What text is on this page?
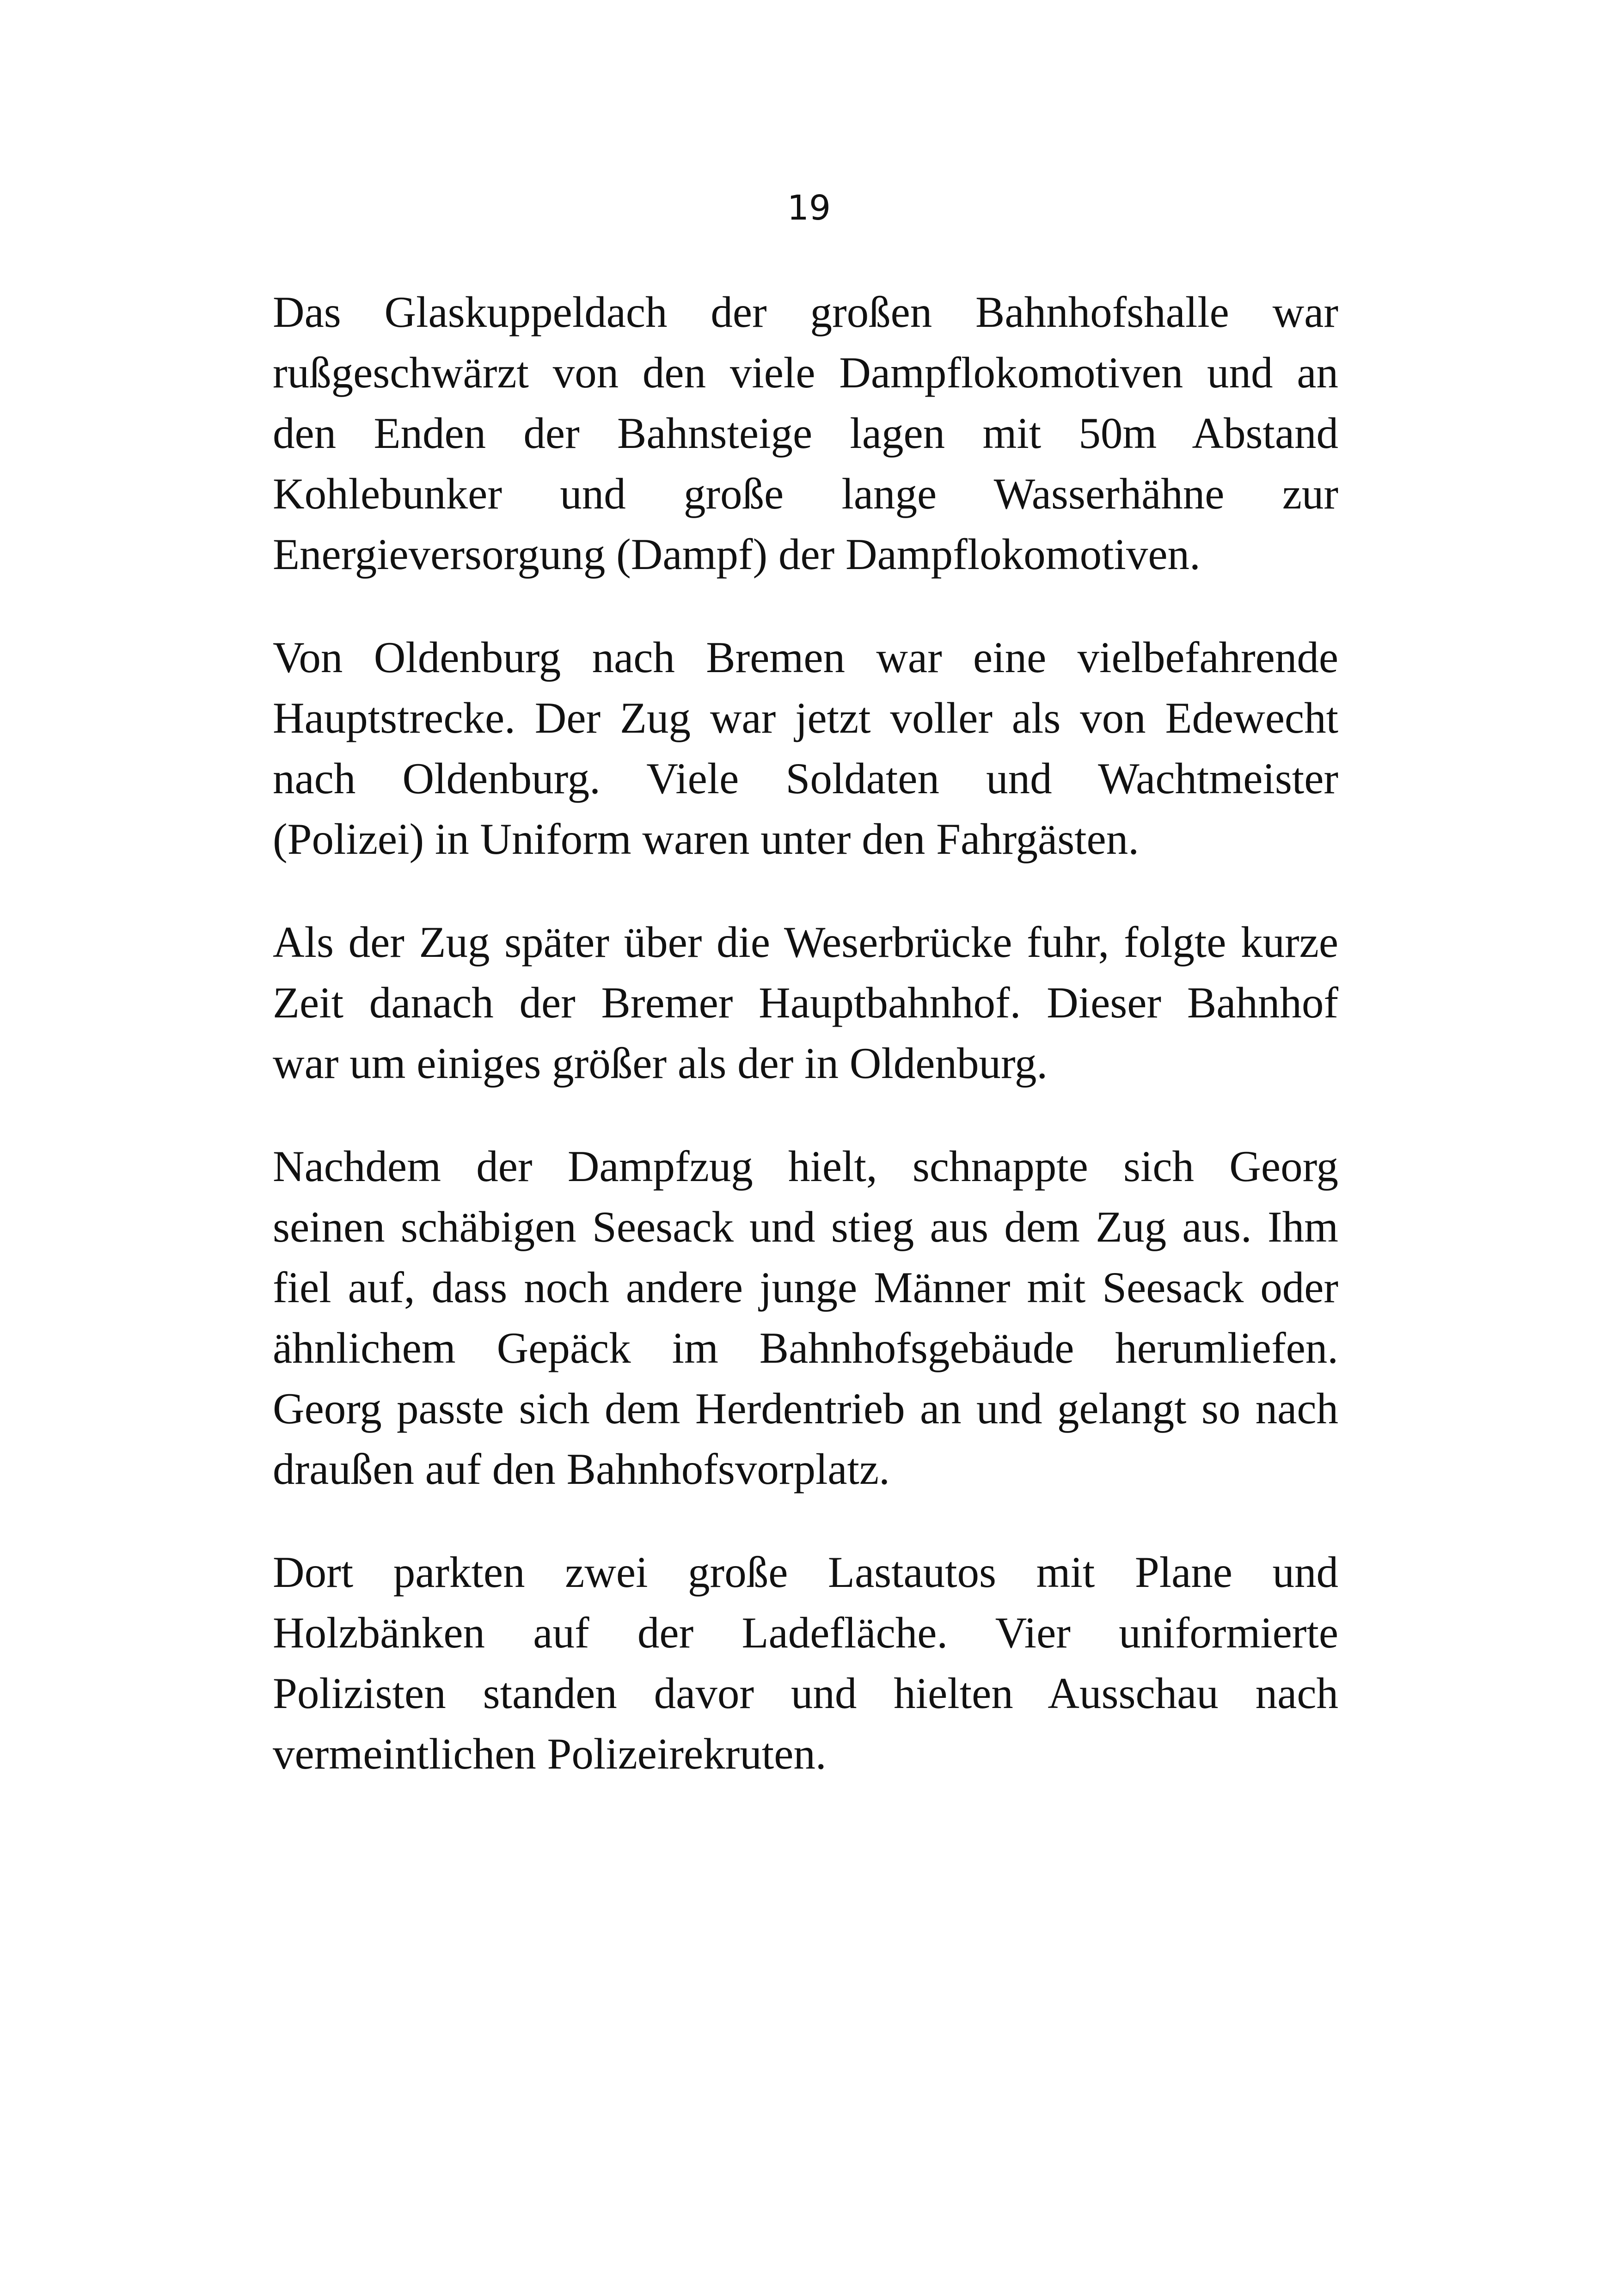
19

Das Glaskuppeldach der großen Bahnhofshalle war
rußgeschwärzt von den viele Dampflokomotiven und an
den Enden der Bahnsteige lagen mit 50m Abstand
Kohlebunker und große lange Wasserhähne zur
Energieversorgung (Dampf) der Dampflokomotiven.

Von Oldenburg nach Bremen war eine vielbefahrende
Hauptstrecke. Der Zug war jetzt voller als von Edewecht
nach Oldenburg. Viele Soldaten und Wachtmeister
(Polizei) in Uniform waren unter den Fahrgästen.

Als der Zug später über die Weserbrücke fuhr, folgte kurze
Zeit danach der Bremer Hauptbahnhof. Dieser Bahnhof
war um einiges größer als der in Oldenburg.

Nachdem der Dampfzug hielt, schnappte sich Georg
seinen schäbigen Seesack und stieg aus dem Zug aus. Ihm
fiel auf, dass noch andere junge Männer mit Seesack oder
ähnlichem Gepäck im Bahnhofsgebäude herumliefen.
Georg passte sich dem Herdentrieb an und gelangt so nach
draußen auf den Bahnhofsvorplatz.

Dort parkten zwei große Lastautos mit Plane und
Holzbänken auf der Ladefläche. Vier uniformierte
Polizisten standen davor und hielten Ausschau nach
vermeintlichen Polizeirekruten.
